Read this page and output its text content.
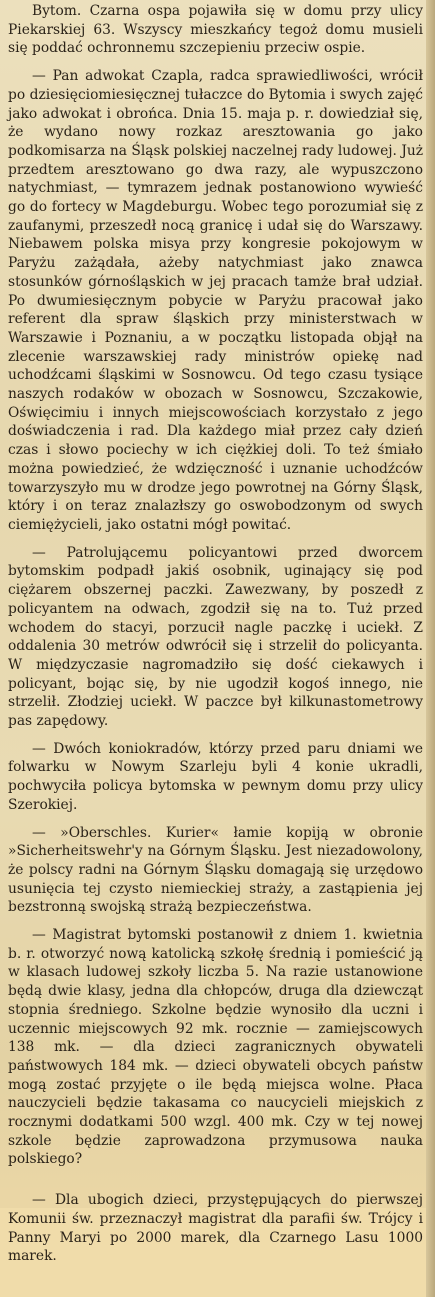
Bytom. Czarna ospa pojawiła się w domu przy ulicy Piekarskiej 63. Wszyscy mieszkańcy tegoż domu musieli się poddać ochronnemu szczepieniu przeciw ospie.

— Pan adwokat Czapla, radca sprawiedliwości, wrócił po dziesięciomiesięcznej tułaczce do Bytomia i swych zajęć jako adwokat i obrońca. Dnia 15. maja p. r. dowiedział się, że wydano nowy rozkaz aresztowania go jako podkomisarza na Śląsk polskiej naczelnej rady ludowej. Już przedtem aresztowano go dwa razy, ale wypuszczono natychmiast, — tymrazem jednak postanowiono wywieść go do fortecy w Magdeburgu. Wobec tego porozumiał się z zaufanymi, przeszedł nocą granicę i udał się do Warszawy. Niebawem polska misya przy kongresie pokojowym w Paryżu zażądała, ażeby natychmiast jako znawca stosunków górnośląskich w jej pracach tamże brał udział. Po dwumiesięcznym pobycie w Paryżu pracował jako referent dla spraw śląskich przy ministerstwach w Warszawie i Poznaniu, a w początku listopada objął na zlecenie warszawskiej rady ministrów opiekę nad uchodźcami śląskimi w Sosnowcu. Od tego czasu tysiące naszych rodaków w obozach w Sosnowcu, Szczakowie, Oświęcimiu i innych miejscowościach korzystało z jego doświadczenia i rad. Dla każdego miał przez cały dzień czas i słowo pociechy w ich ciężkiej doli. To też śmiało można powiedzieć, że wdzięczność i uznanie uchodźców towarzyszyło mu w drodze jego powrotnej na Górny Śląsk, który i on teraz znalazłszy go oswobodzonym od swych ciemiężycieli, jako ostatni mógł powitać.

— Patrolującemu policyantowi przed dworcem bytomskim podpadł jakiś osobnik, uginający się pod ciężarem obszernej paczki. Zawezwany, by poszedł z policyantem na odwach, zgodził się na to. Tuż przed wchodem do stacyi, porzucił nagle paczkę i uciekł. Z oddalenia 30 metrów odwrócił się i strzelił do policyanta. W międzyczasie nagromadziło się dość ciekawych i policyant, bojąc się, by nie ugodził kogoś innego, nie strzelił. Złodziej uciekł. W paczce był kilkunastometrowy pas zapędowy.

— Dwóch koniokradów, którzy przed paru dniami we folwarku w Nowym Szarleju byli 4 konie ukradli, pochwyciła policya bytomska w pewnym domu przy ulicy Szerokiej.

— »Oberschles. Kurier« łamie kopiją w obronie »Sicherheitswehr'y na Górnym Śląsku. Jest niezadowolony, że polscy radni na Górnym Śląsku domagają się urzędowo usunięcia tej czysto niemieckiej straży, a zastąpienia jej bezstronną swojską strażą bezpieczeństwa.

— Magistrat bytomski postanowił z dniem 1. kwietnia b. r. otworzyć nową katolicką szkołę średnią i pomieścić ją w klasach ludowej szkoły liczba 5. Na razie ustanowione będą dwie klasy, jedna dla chłopców, druga dla dziewcząt stopnia średniego. Szkolne będzie wynosiło dla uczni i uczennic miejscowych 92 mk. rocznie — zamiejscowych 138 mk. — dla dzieci zagranicznych obywateli państwowych 184 mk. — dzieci obywateli obcych państw mogą zostać przyjęte o ile będą miejsca wolne. Płaca nauczycieli będzie takasama co naucycieli miejskich z rocznymi dodatkami 500 wzgl. 400 mk. Czy w tej nowej szkole będzie zaprowadzona przymusowa nauka polskiego?

— Dla ubogich dzieci, przystępujących do pierwszej Komunii św. przeznaczył magistrat dla parafii św. Trójcy i Panny Maryi po 2000 marek, dla Czarnego Lasu 1000 marek.
